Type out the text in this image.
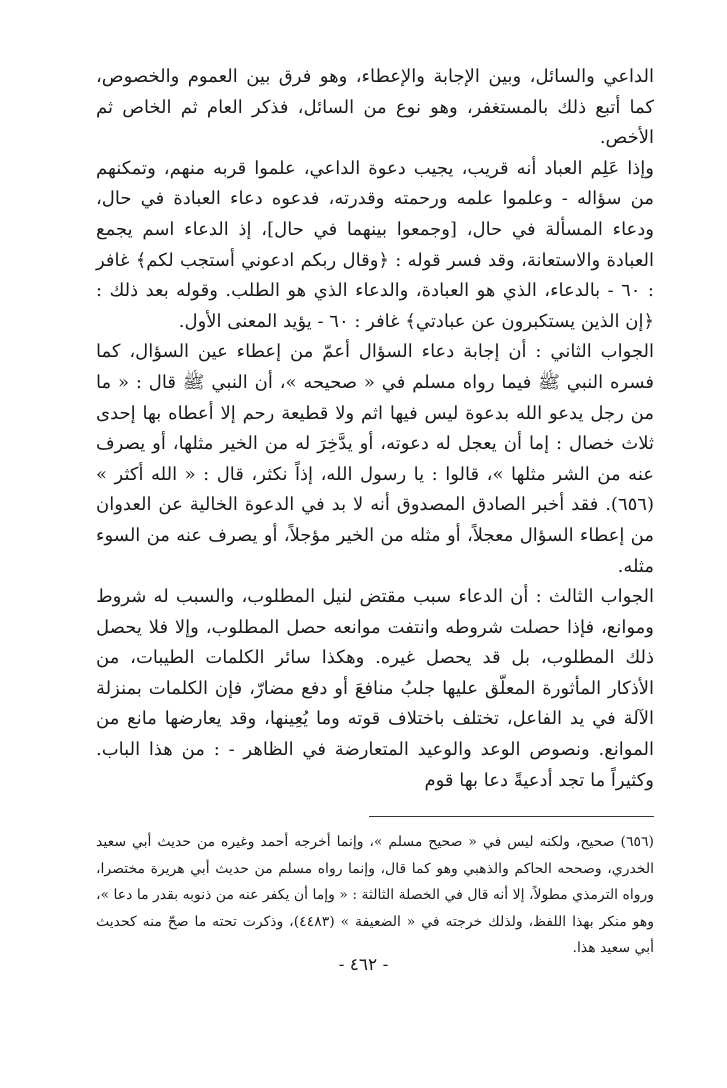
الداعي والسائل، وبين الإجابة والإعطاء، وهو فرق بين العموم والخصوص، كما أتبع ذلك بالمستغفر، وهو نوع من السائل، فذكر العام ثم الخاص ثم الأخص.

وإذا عَلِم العباد أنه قريب، يجيب دعوة الداعي، علموا قربه منهم، وتمكنهم من سؤاله - وعلموا علمه ورحمته وقدرته، فدعوه دعاء العبادة في حال، ودعاء المسألة في حال، [وجمعوا بينهما في حال]، إذ الدعاء اسم يجمع العبادة والاستعانة، وقد فسر قوله : ﴿وقال ربكم ادعوني أستجب لكم﴾ غافر : ٦٠ - بالدعاء، الذي هو العبادة، والدعاء الذي هو الطلب. وقوله بعد ذلك : ﴿إن الذين يستكبرون عن عبادتي﴾ غافر : ٦٠ - يؤيد المعنى الأول.

الجواب الثاني : أن إجابة دعاء السؤال أعمّ من إعطاء عين السؤال، كما فسره النبي ﷺ فيما رواه مسلم في « صحيحه »، أن النبي ﷺ قال : « ما من رجل يدعو الله بدعوة ليس فيها اثم ولا قطيعة رحم إلا أعطاه بها إحدى ثلاث خصال : إما أن يعجل له دعوته، أو يدَّخِرَ له من الخير مثلها، أو يصرف عنه من الشر مثلها »، قالوا : يا رسول الله، إذاً نكثر، قال : « الله أكثر » (٦٥٦). فقد أخبر الصادق المصدوق أنه لا بد في الدعوة الخالية عن العدوان من إعطاء السؤال معجلاً، أو مثله من الخير مؤجلاً، أو يصرف عنه من السوء مثله.

الجواب الثالث : أن الدعاء سبب مقتض لنيل المطلوب، والسبب له شروط وموانع، فإذا حصلت شروطه وانتفت موانعه حصل المطلوب، وإلا فلا يحصل ذلك المطلوب، بل قد يحصل غيره. وهكذا سائر الكلمات الطيبات، من الأذكار المأثورة المعلّق عليها جلبُ منافعَ أو دفع مضارّ، فإن الكلمات بمنزلة الآلة في يد الفاعل، تختلف باختلاف قوته وما يُعِينها، وقد يعارضها مانع من الموانع. ونصوص الوعد والوعيد المتعارضة في الظاهر - : من هذا الباب. وكثيراً ما تجد أدعيةً دعا بها قوم

(٦٥٦) صحيح، ولكنه ليس في « صحيح مسلم »، وإنما أخرجه أحمد وغيره من حديث أبي سعيد الخدري، وصححه الحاكم والذهبي وهو كما قال، وإنما رواه مسلم من حديث أبي هريرة مختصرا، ورواه الترمذي مطولاً، إلا أنه قال في الخصلة الثالثة : « وإما أن يكفر عنه من ذنوبه بقدر ما دعا »، وهو منكر بهذا اللفظ، ولذلك خرجته في « الضعيفة » (٤٤٨٣)، وذكرت تحته ما صحّ منه كحديث أبي سعيد هذا.

- ٤٦٢ -
